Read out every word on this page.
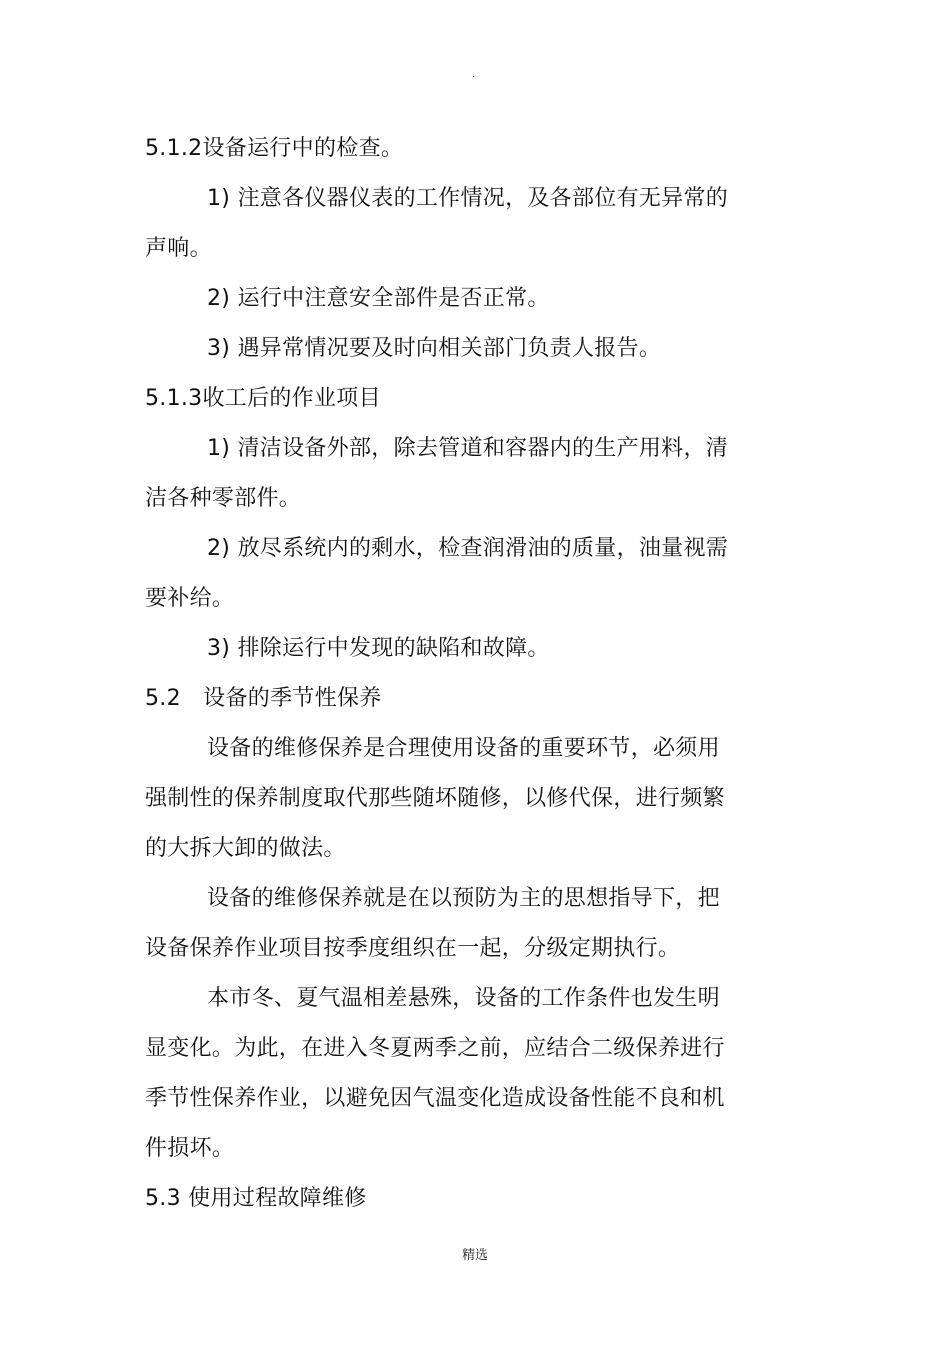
.
5.1.2设备运行中的检查。
1) 注意各仪器仪表的工作情况，及各部位有无异常的
声响。
2) 运行中注意安全部件是否正常。
3) 遇异常情况要及时向相关部门负责人报告。
5.1.3收工后的作业项目
1) 清洁设备外部，除去管道和容器内的生产用料，清
洁各种零部件。
2) 放尽系统内的剩水，检查润滑油的质量，油量视需
要补给。
3) 排除运行中发现的缺陷和故障。
5.2　设备的季节性保养
设备的维修保养是合理使用设备的重要环节，必须用
强制性的保养制度取代那些随坏随修，以修代保，进行频繁
的大拆大卸的做法。
设备的维修保养就是在以预防为主的思想指导下，把
设备保养作业项目按季度组织在一起，分级定期执行。
本市冬、夏气温相差悬殊，设备的工作条件也发生明
显变化。为此，在进入冬夏两季之前，应结合二级保养进行
季节性保养作业，以避免因气温变化造成设备性能不良和机
件损坏。
5.3 使用过程故障维修
精选
